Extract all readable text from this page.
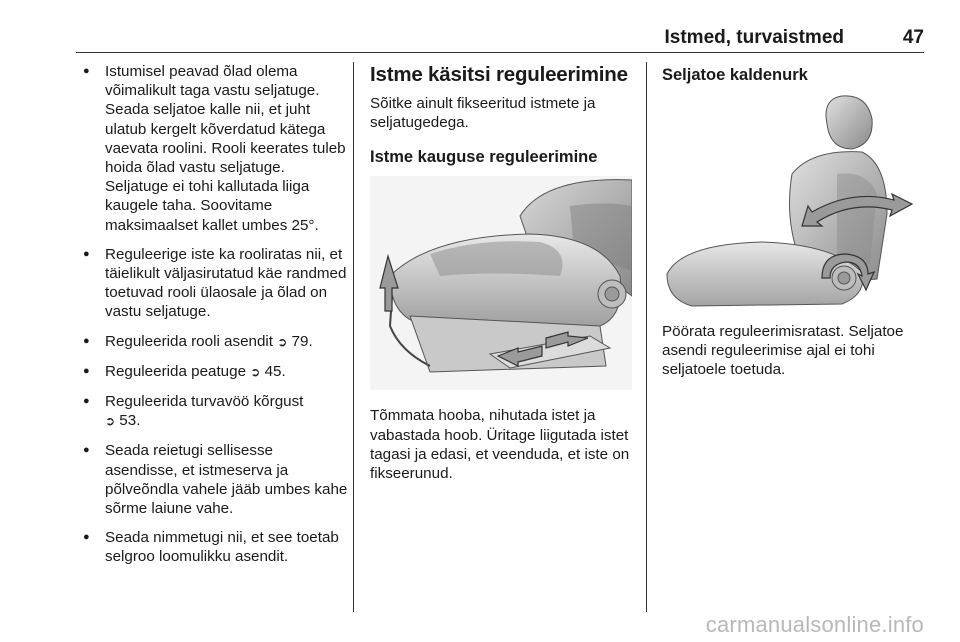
Istmed, turvaistmed	47
● Istumisel peavad õlad olema võimalikult taga vastu seljatuge. Seada seljatoe kalle nii, et juht ulatub kergelt kõverdatud kätega vaevata roolini. Rooli keerates tuleb hoida õlad vastu seljatuge. Seljatuge ei tohi kallutada liiga kaugele taha. Soovitame maksimaalset kallet umbes 25°.
● Reguleerige iste ka rooliratas nii, et täielikult väljasirutatud käe randmed toetuvad rooli ülaosale ja õlad on vastu seljatuge.
● Reguleerida rooli asendit ➲ 79.
● Reguleerida peatuge ➲ 45.
● Reguleerida turvavöö kõrgust
➲ 53.
● Seada reietugi sellisesse asendisse, et istmeserva ja põlveõndla vahele jääb umbes kahe sõrme laiune vahe.
● Seada nimmetugi nii, et see toetab selgroo loomulikku asendit.
Istme käsitsi reguleerimine

Sõitke ainult fikseeritud istmete ja seljatugedega.

Istme kauguse reguleerimine

Tõmmata hooba, nihutada istet ja vabastada hoob. Üritage liigutada istet tagasi ja edasi, et veenduda, et iste on fikseerunud.

Seljatoe kaldenurk

Pöörata reguleerimisratast. Seljatoe asendi reguleerimise ajal ei tohi seljatoele toetuda.

carmanualsonline.info
